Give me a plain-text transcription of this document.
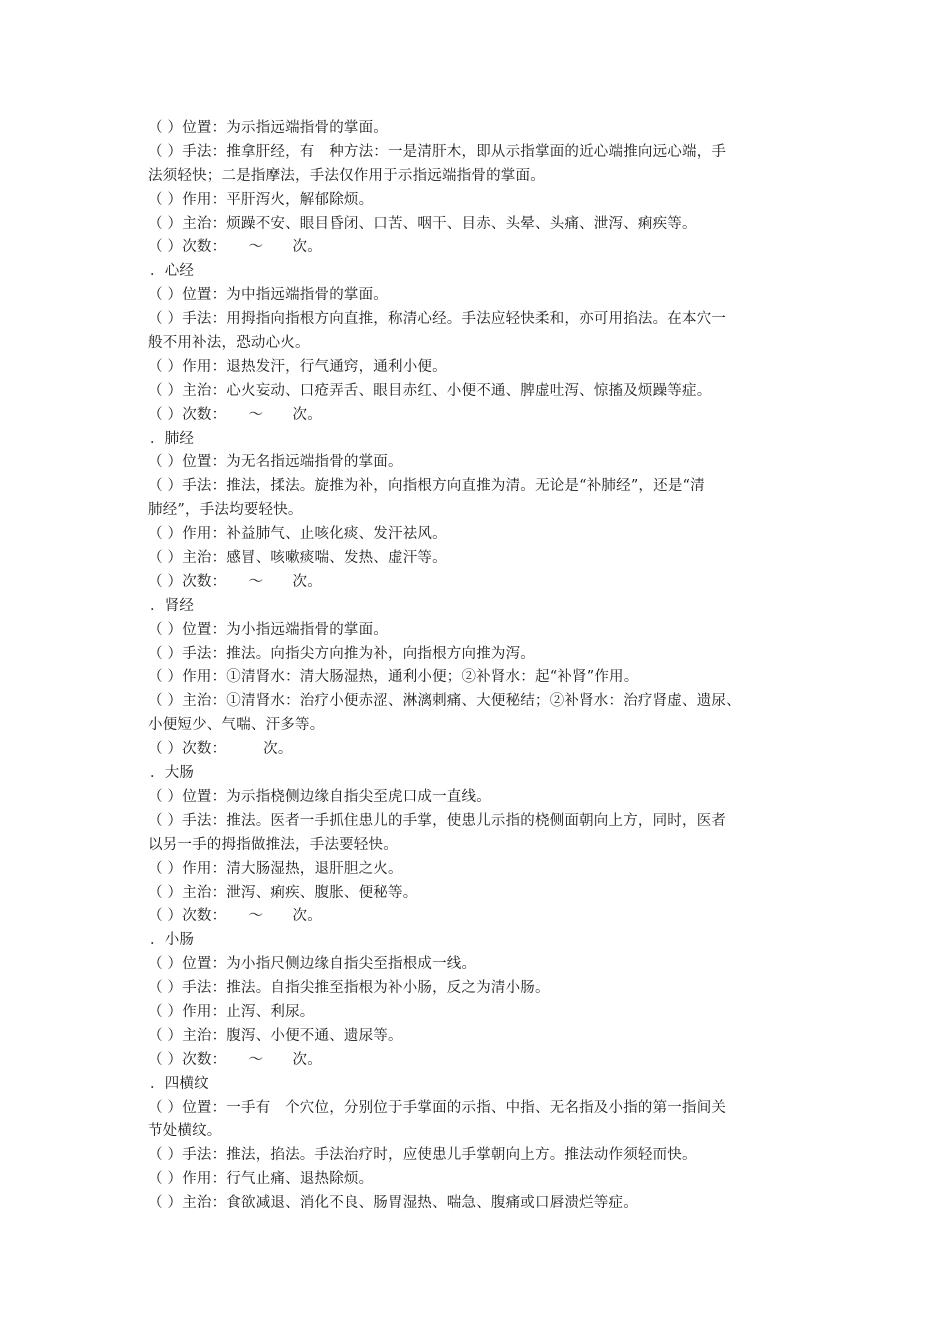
（ ）位置：为示指远端指骨的掌面。
（ ）手法：推拿肝经，有　种方法：一是清肝木，即从示指掌面的近心端推向远心端，手
法须轻快；二是指摩法，手法仅作用于示指远端指骨的掌面。
（ ）作用：平肝泻火，解郁除烦。
（ ）主治：烦躁不安、眼目昏闭、口苦、咽干、目赤、头晕、头痛、泄泻、痢疾等。
（ ）次数：　　～　　次。
．心经
（ ）位置：为中指远端指骨的掌面。
（ ）手法：用拇指向指根方向直推，称清心经。手法应轻快柔和，亦可用掐法。在本穴一
般不用补法，恐动心火。
（ ）作用：退热发汗，行气通窍，通利小便。
（ ）主治：心火妄动、口疮弄舌、眼目赤红、小便不通、脾虚吐泻、惊搐及烦躁等症。
（ ）次数：　　～　　次。
．肺经
（ ）位置：为无名指远端指骨的掌面。
（ ）手法：推法，揉法。旋推为补，向指根方向直推为清。无论是“补肺经”，还是“清
肺经”，手法均要轻快。
（ ）作用：补益肺气、止咳化痰、发汗祛风。
（ ）主治：感冒、咳嗽痰喘、发热、虚汗等。
（ ）次数：　　～　　次。
．肾经
（ ）位置：为小指远端指骨的掌面。
（ ）手法：推法。向指尖方向推为补，向指根方向推为泻。
（ ）作用：①清肾水：清大肠湿热，通利小便；②补肾水：起“补肾”作用。
（ ）主治：①清肾水：治疗小便赤涩、淋漓刺痛、大便秘结；②补肾水：治疗肾虚、遗尿、
小便短少、气喘、汗多等。
（ ）次数：　　　次。
．大肠
（ ）位置：为示指桡侧边缘自指尖至虎口成一直线。
（ ）手法：推法。医者一手抓住患儿的手掌，使患儿示指的桡侧面朝向上方，同时，医者
以另一手的拇指做推法，手法要轻快。
（ ）作用：清大肠湿热，退肝胆之火。
（ ）主治：泄泻、痢疾、腹胀、便秘等。
（ ）次数：　　～　　次。
．小肠
（ ）位置：为小指尺侧边缘自指尖至指根成一线。
（ ）手法：推法。自指尖推至指根为补小肠，反之为清小肠。
（ ）作用：止泻、利尿。
（ ）主治：腹泻、小便不通、遗尿等。
（ ）次数：　　～　　次。
．四横纹
（ ）位置：一手有　个穴位，分别位于手掌面的示指、中指、无名指及小指的第一指间关
节处横纹。
（ ）手法：推法，掐法。手法治疗时，应使患儿手掌朝向上方。推法动作须轻而快。
（ ）作用：行气止痛、退热除烦。
（ ）主治：食欲减退、消化不良、肠胃湿热、喘急、腹痛或口唇溃烂等症。
